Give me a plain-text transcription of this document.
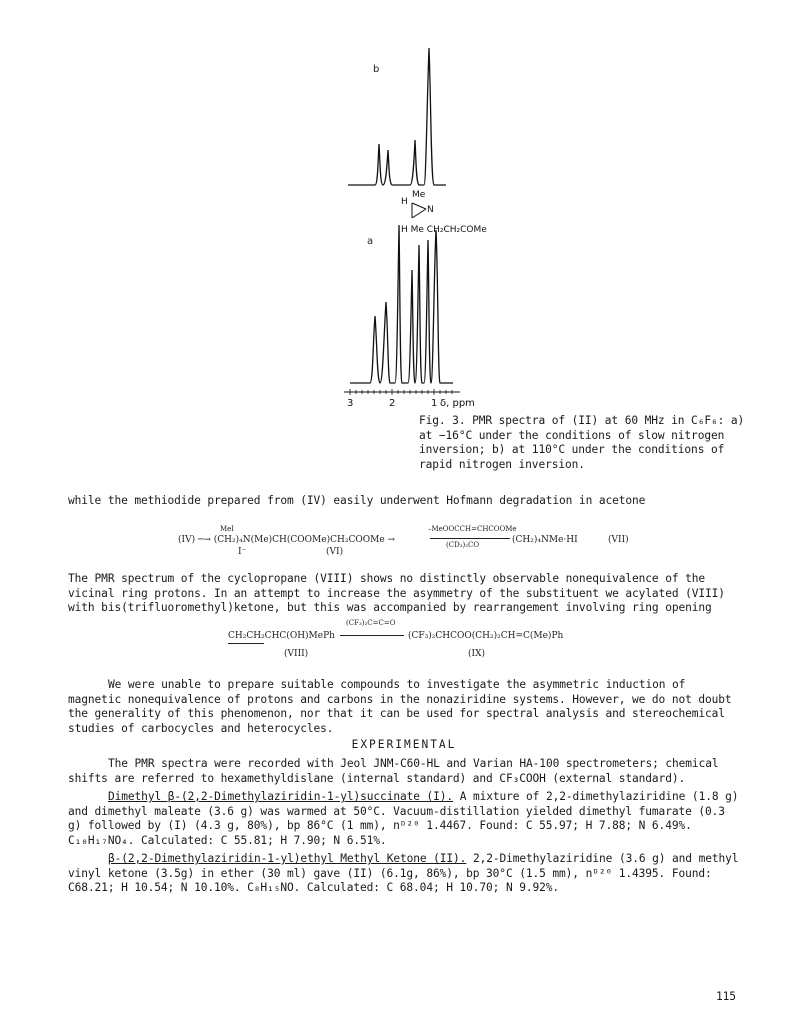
b
Me
H
N
H Me CH₂CH₂COMe
a
3	2	1 δ, ppm
Fig. 3. PMR spectra of (II) at 60 MHz in C₆F₆: a) at −16°C under the conditions of slow nitrogen inversion; b) at 110°C under the conditions of rapid nitrogen inversion.
while the methiodide prepared from (IV) easily underwent Hofmann degradation in acetone
MeI
(IV) ─→ (CH₂)₄N(Me)CH(COOMe)CH₂COOMe →
I⁻	(VI)
–MeOOCCH=CHCOOMe
(CD₃)₂CO	(CH₂)₄NMe·HI	(VII)
The PMR spectrum of the cyclopropane (VIII) shows no distinctly observable nonequivalence of the vicinal ring protons. In an attempt to increase the asymmetry of the substituent we acylated (VIII) with bis(trifluoromethyl)ketone, but this was accompanied by rearrangement involving ring opening
CH₂CH₂CHC(OH)MePh
(CF₃)₂C=C=O
(CF₃)₂CHCOO(CH₂)₂CH=C(Me)Ph
(VIII)	(IX)
We were unable to prepare suitable compounds to investigate the asymmetric induction of magnetic nonequivalence of protons and carbons in the nonaziridine systems. However, we do not doubt the generality of this phenomenon, nor that it can be used for spectral analysis and stereochemical studies of carbocycles and heterocycles.
EXPERIMENTAL
The PMR spectra were recorded with Jeol JNM-C60-HL and Varian HA-100 spectrometers; chemical shifts are referred to hexamethyldislane (internal standard) and CF₃COOH (external standard).
Dimethyl β-(2,2-Dimethylaziridin-1-yl)succinate (I). A mixture of 2,2-dimethylaziridine (1.8 g) and dimethyl maleate (3.6 g) was warmed at 50°C. Vacuum-distillation yielded dimethyl fumarate (0.3 g) followed by (I) (4.3 g, 80%), bp 86°C (1 mm), nᴰ²⁰ 1.4467. Found: C 55.97; H 7.88; N 6.49%. C₁₀H₁₇NO₄. Calculated: C 55.81; H 7.90; N 6.51%.
β-(2,2-Dimethylaziridin-1-yl)ethyl Methyl Ketone (II). 2,2-Dimethylaziridine (3.6 g) and methyl vinyl ketone (3.5g) in ether (30 ml) gave (II) (6.1g, 86%), bp 30°C (1.5 mm), nᴰ²⁰ 1.4395. Found: C68.21; H 10.54; N 10.10%. C₈H₁₅NO. Calculated: C 68.04; H 10.70; N 9.92%.
115
